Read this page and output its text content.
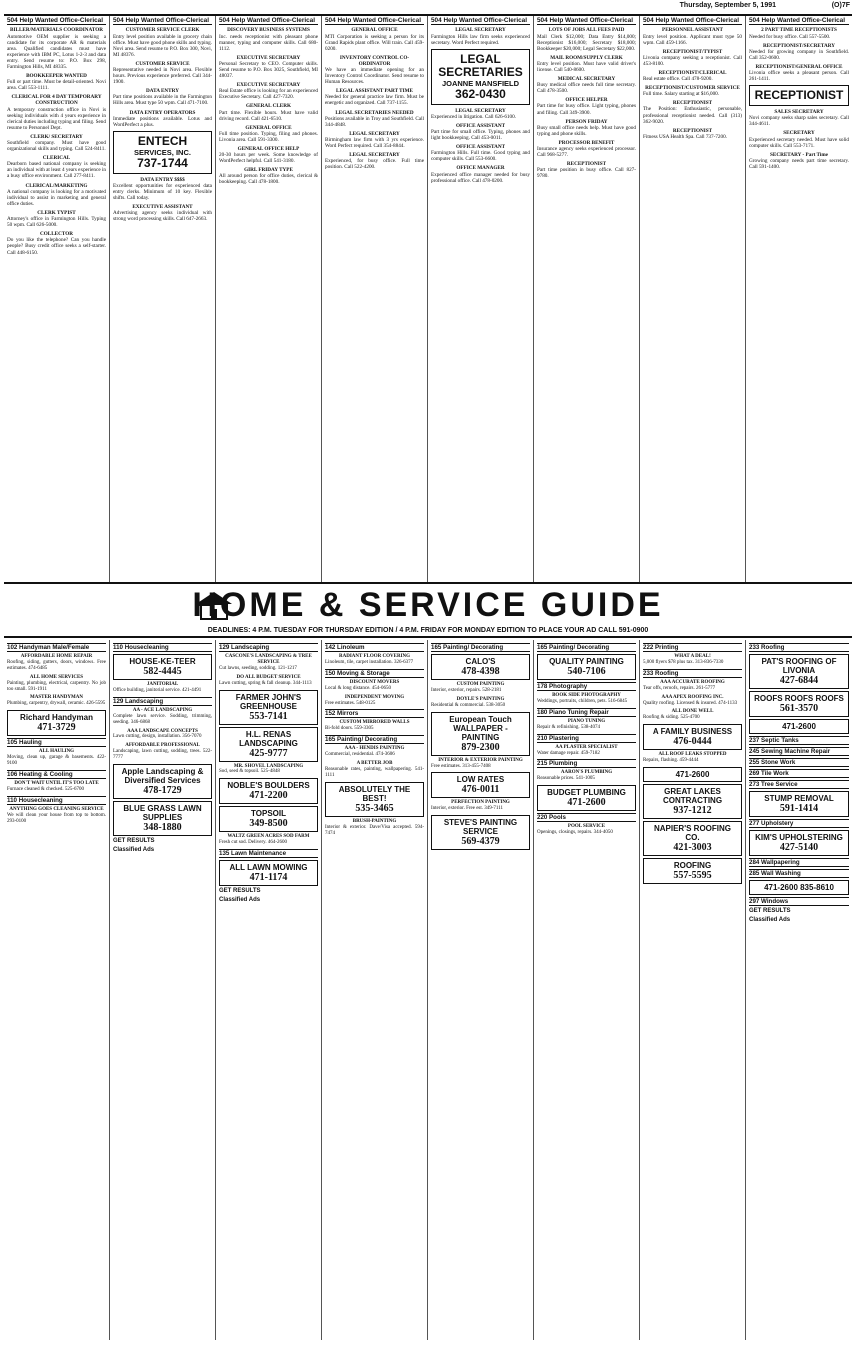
Thursday, September 5, 1991	(O)7F
504 Help Wanted Office-Clerical
BILLER/MATERIALS COORDINATOR
Automotive OEM supplier is seeking a candidate for its corporate AR & materials area. Qualified candidates must have experience with IBM PC, Lotus 1-2-3 and data entry. Send resume to: P.O. Box 298, Farmington Hills, MI 48335.
BOOKKEEPER WANTED
Full or part time. Must be detail-oriented. Novi area. Call 553-1111.
CLERICAL FOR 4 DAY TEMPORARY CONSTRUCTION
A temporary construction office in Novi is seeking individuals with 4 years experience in clerical duties including typing and filing. Send resume to Personnel Dept.
CLERK/ SECRETARY
Southfield company. Must have good organizational skills and typing. Call 524-8411.
CLERICAL
Dearborn based national company is seeking an individual with at least 4 years experience in a busy office environment. Call 277-8411.
CLERICAL/MARKETING
A national company is looking for a motivated individual to assist in marketing and general office duties.
CLERK TYPIST
Attorney's office in Farmington Hills. Typing 50 wpm. Call 626-5000.
COLLECTOR
Do you like the telephone? Can you handle people? Busy credit office seeks a self-starter. Call 448-6150.
504 Help Wanted Office-Clerical
CUSTOMER SERVICE CLERK
Entry level position available in grocery chain office. Must have good phone skills and typing. Novi area. Send resume to P.O. Box 300, Novi, MI 48376.
CUSTOMER SERVICE
Representative needed in Novi area. Flexible hours. Previous experience preferred. Call 344-1900.
DATA ENTRY
Part time positions available in the Farmington Hills area. Must type 50 wpm. Call 471-7100.
DATA ENTRY OPERATORS
Immediate positions available. Lotus and WordPerfect a plus.
ENTECH
SERVICES, INC.
737-1744
DATA ENTRY $$$$
Excellent opportunities for experienced data entry clerks. Minimum of 10 key. Flexible shifts. Call today.
EXECUTIVE ASSISTANT
Advertising agency seeks individual with strong word processing skills. Call 647-2663.
504 Help Wanted Office-Clerical
DISCOVERY BUSINESS SYSTEMS
Inc. needs receptionist with pleasant phone manner, typing and computer skills. Call 680-1112.
EXECUTIVE SECRETARY
Personal Secretary to CEO. Computer skills. Send resume to P.O. Box 3025, Southfield, MI 48037.
EXECUTIVE SECRETARY
Real Estate office is looking for an experienced Executive Secretary. Call 427-7320.
GENERAL CLERK
Part time. Flexible hours. Must have valid driving record. Call 421-6510.
GENERAL OFFICE
Full time position. Typing, filing and phones. Livonia area. Call 591-3300.
GENERAL OFFICE HELP
20-30 hours per week. Some knowledge of WordPerfect helpful. Call 541-3180.
GIRL FRIDAY TYPE
All around person for office duties, clerical & bookkeeping. Call 478-1800.
504 Help Wanted Office-Clerical
GENERAL OFFICE
MTI Corporation is seeking a person for its Grand Rapids plant office. Will train. Call 459-0200.
INVENTORY CONTROL CO-ORDINATOR
We have an immediate opening for an Inventory Control Coordinator. Send resume to Human Resources.
LEGAL ASSISTANT PART TIME
Needed for general practice law firm. Must be energetic and organized. Call 737-1155.
LEGAL SECRETARIES NEEDED
Positions available in Troy and Southfield. Call 344-4848.
LEGAL SECRETARY
Birmingham law firm with 3 yrs experience. Word Perfect required. Call 354-8844.
LEGAL SECRETARY
Experienced, for busy office. Full time position. Call 522-4200.
504 Help Wanted Office-Clerical
LEGAL SECRETARY
Farmington Hills law firm seeks experienced secretary. Word Perfect required.
LEGAL SECRETARIES
JOANNE MANSFIELD
362-0430
LEGAL SECRETARY
Experienced in litigation. Call 626-6100.
OFFICE ASSISTANT
Part time for small office. Typing, phones and light bookkeeping. Call 453-0011.
OFFICE ASSISTANT
Farmington Hills. Full time. Good typing and computer skills. Call 553-6600.
OFFICE MANAGER
Experienced office manager needed for busy professional office. Call 478-0200.
504 Help Wanted Office-Clerical
LOTS OF JOBS ALL FEES PAID
Mail Clerk $12,000; Data Entry $14,000; Receptionist $16,000; Secretary $18,000; Bookkeeper $20,000; Legal Secretary $22,000.
MAIL ROOM/SUPPLY CLERK
Entry level position. Must have valid driver's license. Call 540-8600.
MEDICAL SECRETARY
Busy medical office needs full time secretary. Call 478-3500.
OFFICE HELPER
Part time for busy office. Light typing, phones and filing. Call 349-3900.
PERSON FRIDAY
Busy small office needs help. Must have good typing and phone skills.
PROCESSOR BENEFIT
Insurance agency seeks experienced processor. Call 968-5277.
RECEPTIONIST
Part time position in busy office. Call 827-9780.
504 Help Wanted Office-Clerical
PERSONNEL ASSISTANT
Entry level position. Applicant must type 50 wpm. Call 459-1166.
RECEPTIONIST/TYPIST
Livonia company seeking a receptionist. Call 453-8100.
RECEPTIONIST/CLERICAL
Real estate office. Call 478-9200.
RECEPTIONIST/CUSTOMER SERVICE
Full time. Salary starting at $16,000.
RECEPTIONIST
The Position: Enthusiastic, personable, professional receptionist needed. Call (313) 362-9020.
RECEPTIONIST
Fitness USA Health Spa. Call 737-7200.
504 Help Wanted Office-Clerical
2 PART TIME RECEPTIONISTS
Needed for busy office. Call 557-5500.
RECEPTIONIST/SECRETARY
Needed for growing company in Southfield. Call 352-0600.
RECEPTIONIST/GENERAL OFFICE
Livonia office seeks a pleasant person. Call 261-1411.
RECEPTIONIST
SALES SECRETARY
Novi company seeks sharp sales secretary. Call 344-4611.
SECRETARY
Experienced secretary needed. Must have solid computer skills. Call 553-7171.
SECRETARY - Part Time
Growing company needs part time secretary. Call 591-1400.
HOME & SERVICE GUIDE
DEADLINES: 4 P.M. TUESDAY FOR THURSDAY EDITION / 4 P.M. FRIDAY FOR MONDAY EDITION TO PLACE YOUR AD CALL 591-0900
102 Handyman Male/Female
AFFORDABLE HOME REPAIR
Roofing, siding, gutters, doors, windows. Free estimates. 474-6485
ALL HOME SERVICES
Painting, plumbing, electrical, carpentry. No job too small. 591-1911
MASTER HANDYMAN
Plumbing, carpentry, drywall, ceramic. 426-5595
Richard Handyman
471-3729
105 Hauling
ALL HAULING
Moving, clean up, garage & basements. 422-9100
106 Heating & Cooling
DON'T WAIT UNTIL IT'S TOO LATE
Furnace cleaned & checked. 525-6700
110 Housecleaning
ANYTHING GOES CLEANING SERVICE
We will clean your house from top to bottom. 293-0100
110 Housecleaning
HOUSE-KE-TEER
582-4445
JANITORIAL
Office building, janitorial service. 421-4491
129 Landscaping
AA - ACE LANDSCAPING
Complete lawn service. Sodding, trimming, seeding. 346-6868
AAA LANDSCAPE CONCEPTS
Lawn cutting, design, installation. 356-7070
AFFORDABLE PROFESSIONAL
Landscaping, lawn cutting, sodding, trees. 522-7777
Apple Landscaping & Diversified Services
478-1729
BLUE GRASS LAWN SUPPLIES
348-1880
GET RESULTS
Classified Ads
129 Landscaping
CASCONE'S LANDSCAPING & TREE SERVICE
Cut lawns, seeding, sodding. 121-1217
DO ALL BUDGET SERVICE
Lawn cutting, spring & fall cleanup. 344-1113
FARMER JOHN'S GREENHOUSE
553-7141
H.L. RENAS LANDSCAPING
425-9777
MR. SHOVEL LANDSCAPING
Sod, seed & topsoil. 525-4848
NOBLE'S BOULDERS
471-2200
TOPSOIL
349-8500
WALTZ GREEN ACRES SOD FARM
Fresh cut sod. Delivery. 464-2600
135 Lawn Maintenance
ALL LAWN MOWING
471-1174
GET RESULTS
Classified Ads
142 Linoleum
RADIANT FLOOR COVERING
Linoleum, tile, carpet installation. 326-6377
150 Moving & Storage
DISCOUNT MOVERS
Local & long distance. 454-0650
INDEPENDENT MOVING
Free estimates. 548-0125
152 Mirrors
CUSTOM MIRRORED WALLS
Bi-fold doors. 559-3305
165 Painting/ Decorating
AAA - HENDIS PAINTING
Commercial, residential. 474-3606
A BETTER JOB
Reasonable rates, painting, wallpapering. 541-1111
ABSOLUTELY THE BEST!
535-3465
BRUSH-PAINTING
Interior & exterior. Dave/Visa accepted. 594-7474
165 Painting/ Decorating
CALO'S
478-4398
CUSTOM PAINTING
Interior, exterior, repairs. 528-2181
DOYLE'S PAINTING
Residential & commercial. 538-3050
European Touch WALLPAPER - PAINTING
879-2300
INTERIOR & EXTERIOR PAINTING
Free estimates. 313-455-7408
LOW RATES
476-0011
PERFECTION PAINTING
Interior, exterior. Free est. 349-7111
STEVE'S PAINTING SERVICE
569-4379
165 Painting/ Decorating
QUALITY PAINTING
540-7106
178 Photography
BOOK SIDE PHOTOGRAPHY
Weddings, portraits, children, pets. 516-6845
180 Piano Tuning Repair
PIANO TUNING
Repair & refinishing. 538-4074
210 Plastering
AA PLASTER SPECIALIST
Water damage repair. 459-7182
215 Plumbing
AARON'S PLUMBING
Reasonable prices. 541-1005
BUDGET PLUMBING
471-2600
220 Pools
POOL SERVICE
Openings, closings, repairs. 344-4050
222 Printing
WHAT A DEAL!
5,000 flyers $78 plus tax. 313-836-7330
233 Roofing
AAA ACCURATE ROOFING
Tear offs, reroofs, repairs. 261-5777
AAA APEX ROOFING INC.
Quality roofing. Licensed & insured. 474-1133
ALL DONE WELL
Roofing & siding. 525-4700
A FAMILY BUSINESS
476-0444
ALL ROOF LEAKS STOPPED
Repairs, flashing. 459-4444
471-2600
GREAT LAKES CONTRACTING
937-1212
NAPIER'S ROOFING CO.
421-3003
ROOFING
557-5595
233 Roofing
PAT'S ROOFING OF LIVONIA
427-6844
ROOFS ROOFS ROOFS
561-3570
471-2600
237 Septic Tanks
245 Sewing Machine Repair
255 Stone Work
269 Tile Work
273 Tree Service
STUMP REMOVAL
591-1414
277 Upholstery
KIM'S UPHOLSTERING
427-5140
284 Wallpapering
285 Wall Washing
471-2600 835-8610
297 Windows
GET RESULTS
Classified Ads
